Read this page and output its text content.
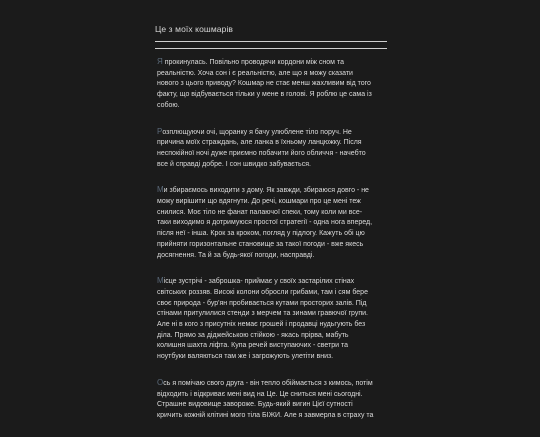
Це з моїх кошмарів

Я прокинулась. Повільно проводячи кордони між сном та
реальністю. Хоча сон і є реальністю, але що я можу сказати
нового з цього приводу? Кошмар не стає менш жахливим від того
факту, що відбувається тільки у мене в голові. Я роблю це сама із
собою.

Розплющуючи очі, щоранку я бачу улюблене тіло поруч. Не
причина моїх страждань, але ланка в їхньому ланцюжку. Після
неспокійної ночі дуже приємно побачити його обличчя - начебто
все й справді добре. І сон швидко забувається.

Ми збираємось виходити з дому. Як завжди, збираюся довго - не
можу вирішити що вдягнути. До речі, кошмари про це мені теж
снилися. Моє тіло не фанат палаючої спеки, тому коли ми все-
таки виходимо я дотримуюся простої стратегії - одна нога вперед,
після неї - інша. Крок за кроком, погляд у підлогу. Кажуть обі цю
прийняти горизонтальне становище за такої погоди - вже якесь
досягнення. Та й за будь-якої погоди, насправді.

Місце зустрічі - заброшка- приймає у своїх застарілих стінах
світських роззяв. Високі колони обросли грибами, там і сям бере
своє природа - бур'ян пробивається кутами просторих залів. Під
стінами притулилися стенди з мерчем та зинами гравючої групи.
Але ні в кого з присутніх немає грошей і продавці нудьгують без
діла. Прямо за діджейською стійкою - якась прірва, мабуть
колишня шахта ліфта. Купа речей виступаючих - светри та
ноутбуки валяються там же і загрожують улетіти вниз.

Ось я помічаю свого друга - він тепло обіймається з кимось, потім
відходить і відкриває мені вид на Це. Це сниться мені сьогодні.
Страшне видовище завороже. Будь-який вигин Цієї сутності
кричить кожній клітині мого тіла БІЖИ. Але я завмерла в страху та
